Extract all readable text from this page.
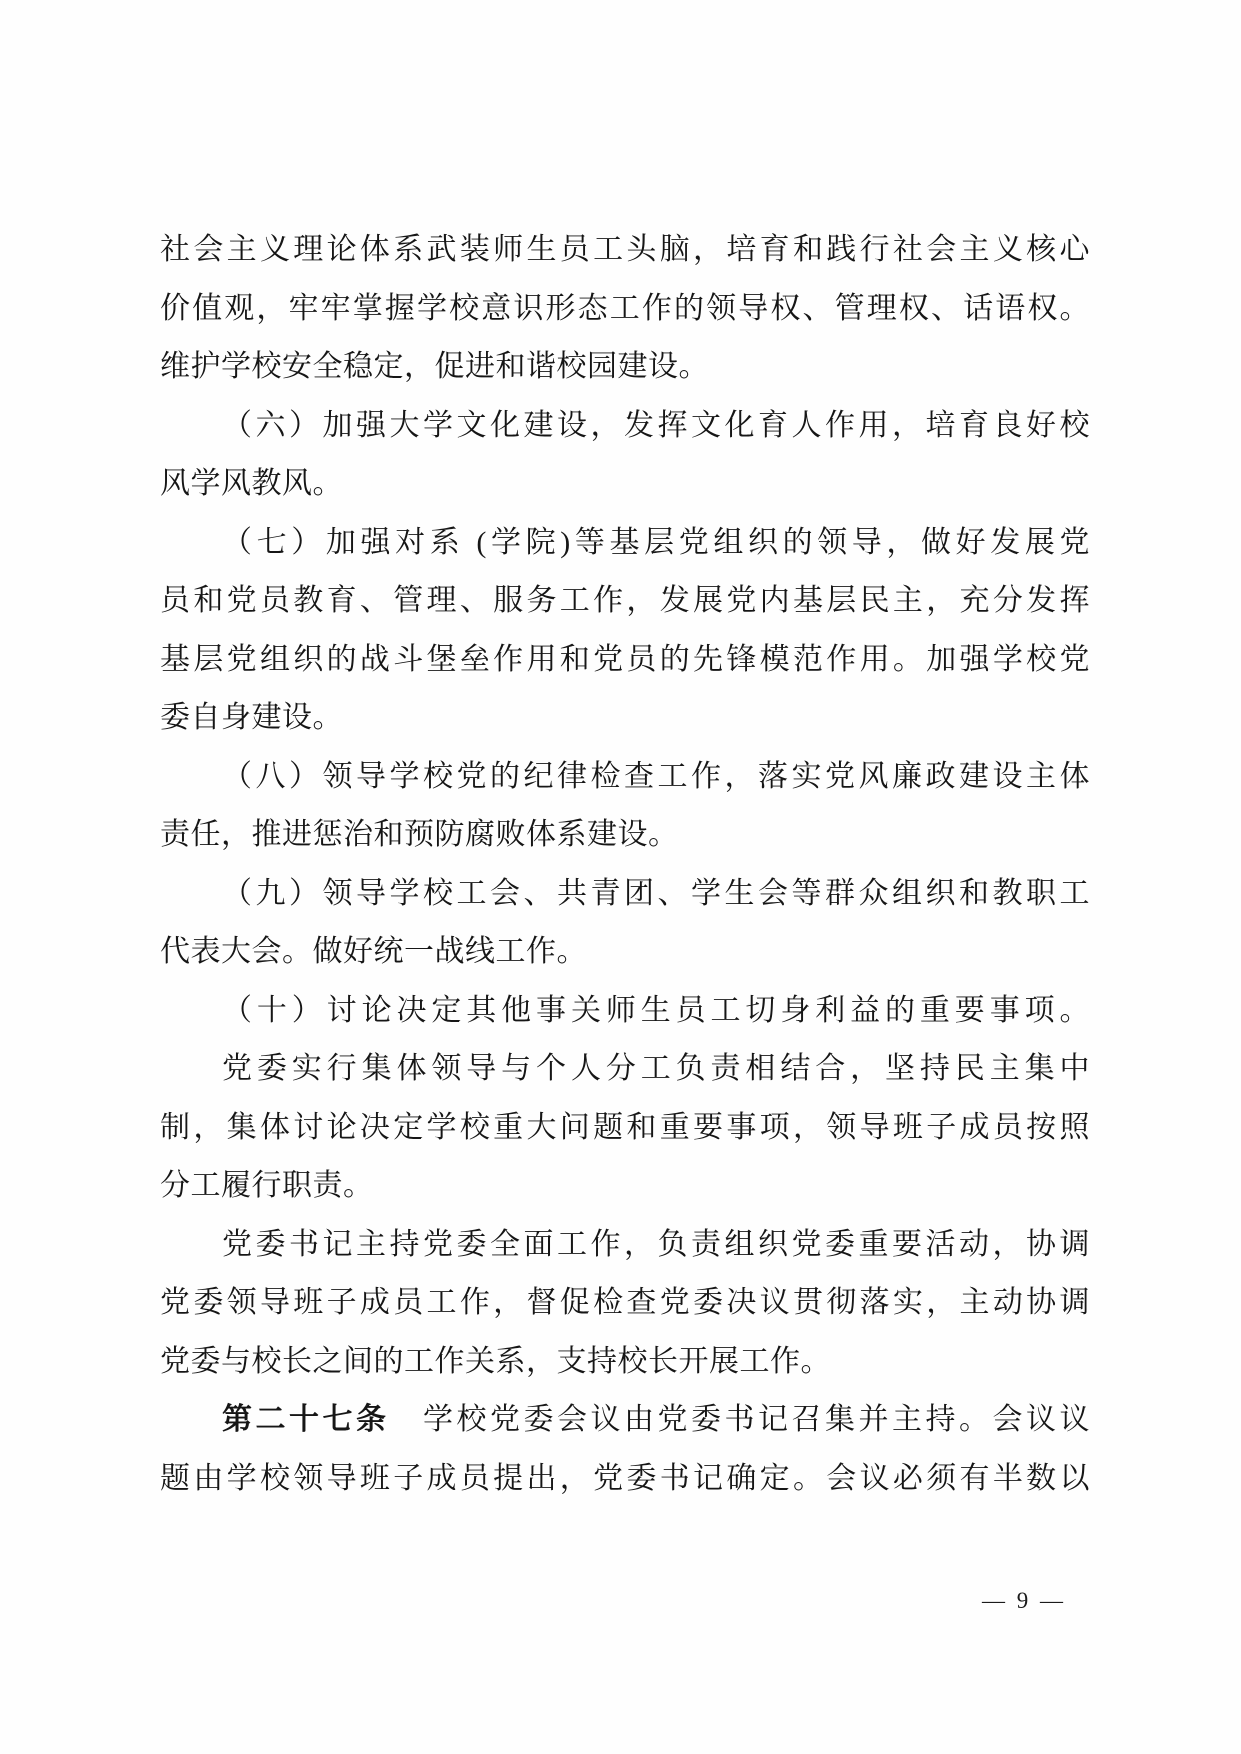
社会主义理论体系武装师生员工头脑，培育和践行社会主义核心
价值观，牢牢掌握学校意识形态工作的领导权、管理权、话语权。
维护学校安全稳定，促进和谐校园建设。
（六）加强大学文化建设，发挥文化育人作用，培育良好校
风学风教风。
（七）加强对系 (学院)等基层党组织的领导，做好发展党
员和党员教育、管理、服务工作，发展党内基层民主，充分发挥
基层党组织的战斗堡垒作用和党员的先锋模范作用。加强学校党
委自身建设。
（八）领导学校党的纪律检查工作，落实党风廉政建设主体
责任，推进惩治和预防腐败体系建设。
（九）领导学校工会、共青团、学生会等群众组织和教职工
代表大会。做好统一战线工作。
（十）讨论决定其他事关师生员工切身利益的重要事项。
党委实行集体领导与个人分工负责相结合，坚持民主集中
制，集体讨论决定学校重大问题和重要事项，领导班子成员按照
分工履行职责。
党委书记主持党委全面工作，负责组织党委重要活动，协调
党委领导班子成员工作，督促检查党委决议贯彻落实，主动协调
党委与校长之间的工作关系，支持校长开展工作。
第二十七条　学校党委会议由党委书记召集并主持。会议议
题由学校领导班子成员提出，党委书记确定。会议必须有半数以
— 9 —
